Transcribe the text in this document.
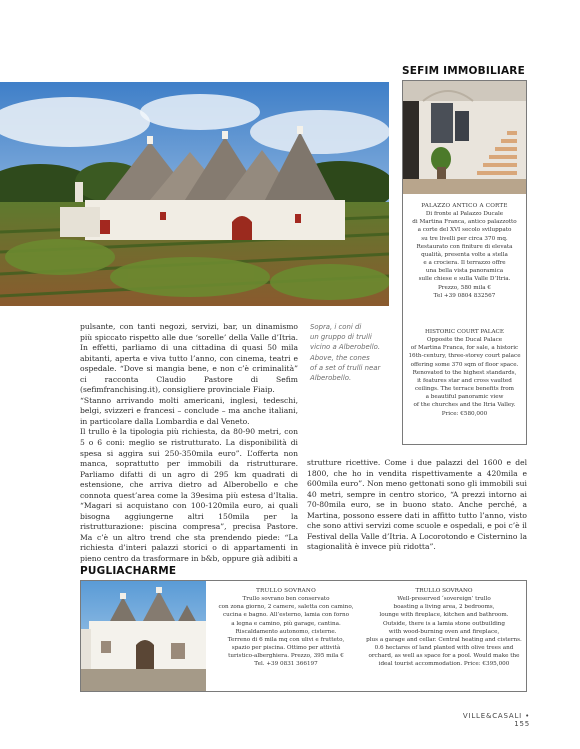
pulsante, con tanti negozi, servizi, bar, un dinamismo più spiccato rispetto alle due ‘sorelle’ della Valle d’Itria. In effetti, parliamo di una cittadina di quasi 50 mila abitanti, aperta e viva tutto l’anno, con cinema, teatri e ospedale. “Dove si mangia bene, e non c’è criminalità” ci racconta Claudio Pastore di Sefim (sefimfranchising.it), consigliere provinciale Fiaip.

“Stanno arrivando molti americani, inglesi, tedeschi, belgi, svizzeri e francesi – conclude – ma anche italiani, in particolare dalla Lombardia e dal Veneto.

Il trullo è la tipologia più richiesta, da 80-90 metri, con 5 o 6 coni: meglio se ristrutturato. La disponibilità di spesa si aggira sui 250-350mila euro”. L’offerta non manca, soprattutto per immobili da ristrutturare. Parliamo difatti di un agro di 295 km quadrati di estensione, che arriva dietro ad Alberobello e che connota quest’area come la 39esima più estesa d’Italia. “Magari si acquistano con 100-120mila euro, ai quali bisogna aggiungerne altri 150mila per la ristrutturazione: piscina compresa”, precisa Pastore. Ma c’è un altro trend che sta prendendo piede: “La richiesta d’interi palazzi storici o di appartamenti in pieno centro da trasformare in b&b, oppure già adibiti a

strutture ricettive. Come i due palazzi del 1600 e del 1800, che ho in vendita rispettivamente a 420mila e 600mila euro”. Non meno gettonati sono gli immobili sui 40 metri, sempre in centro storico, “A prezzi intorno ai 70-80mila euro, se in buono stato. Anche perché, a Martina, possono essere dati in affitto tutto l’anno, visto che sono attivi servizi come scuole e ospedali, e poi c’è il Festival della Valle d’Itria. A Locorotondo e Cisternino la stagionalità è invece più ridotta”.

Sopra, i coni di
un gruppo di trulli
vicino a Alberobello.
Above, the cones
of a set of trulli near
Alberobello.
SEFIM IMMOBILIARE
PALAZZO ANTICO A CORTE
Di fronte al Palazzo Ducale
di Martina Franca, antico palazzotto
a corte del XVI secolo sviluppato
su tre livelli per circa 370 mq.
Restaurato con finiture di elevata
qualità, presenta volte a stella
e a crociera. Il terrazzo offre
una bella vista panoramica
sulle chiese e sulla Valle D’Itria.
Prezzo, 580 mila €
Tel +39 0804 832567
HISTORIC COURT PALACE
Opposite the Ducal Palace
of Martina Franca, for sale, a historic
16th-century, three-storey court palace
offering some 370 sqm of floor space.
Renovated to the highest standards,
it features star and cross vaulted
ceilings. The terrace benefits from
a beautiful panoramic view
of the churches and the Itria Valley.
Price: €580,000
PUGLIACHARME
TRULLO SOVRANO
Trullo sovrano ben conservato
con zona giorno, 2 camere, saletta con camino,
cucina e bagno. All’esterno, lamia con forno
a legna e camino, più garage, cantina.
Riscaldamento autonomo, cisterne.
Terreno di 6 mila mq con ulivi e frutteto,
spazio per piscina. Ottimo per attività
turistico-alberghiera. Prezzo, 395 mila €
Tel. +39 0831 366197
TRULLO SOVRANO
Well-preserved ‘sovereign’ trullo
boasting a living area, 2 bedrooms,
lounge with fireplace, kitchen and bathroom.
Outside, there is a lamia stone outbuilding
with wood-burning oven and fireplace,
plus a garage and cellar. Central heating and cisterns.
0.6 hectares of land planted with olive trees and
orchard, as well as space for a pool. Would make the
ideal tourist accommodation. Price: €395,000
VILLE&CASALI • 155
